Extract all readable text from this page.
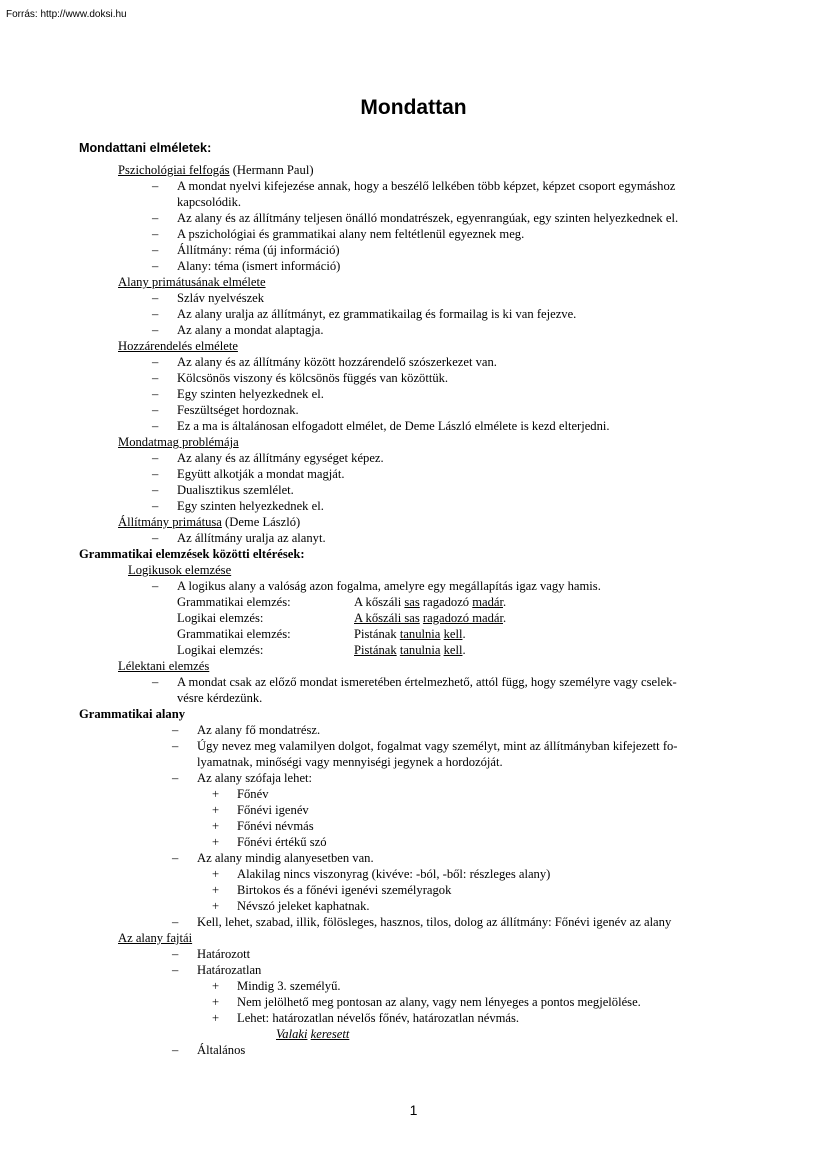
Forrás: http://www.doksi.hu
Mondattan
Mondattani elméletek:
Pszichológiai felfogás (Hermann Paul)
– A mondat nyelvi kifejezése annak, hogy a beszélő lelkében több képzet, képzet csoport egymáshoz
kapcsolódik.
– Az alany és az állítmány teljesen önálló mondatrészek, egyenrangúak, egy szinten helyezkednek el.
– A pszichológiai és grammatikai alany nem feltétlenül egyeznek meg.
– Állítmány: réma (új információ)
– Alany: téma (ismert információ)
Alany primátusának elmélete
– Szláv nyelvészek
– Az alany uralja az állítmányt, ez grammatikailag és formailag is ki van fejezve.
– Az alany a mondat alaptagja.
Hozzárendelés elmélete
– Az alany és az állítmány között hozzárendelő szószerkezet van.
– Kölcsönös viszony és kölcsönös függés van közöttük.
– Egy szinten helyezkednek el.
– Feszültséget hordoznak.
– Ez a ma is általánosan elfogadott elmélet, de Deme László elmélete is kezd elterjedni.
Mondatmag problémája
– Az alany és az állítmány egységet képez.
– Együtt alkotják a mondat magját.
– Dualisztikus szemlélet.
– Egy szinten helyezkednek el.
Állítmány primátusa (Deme László)
– Az állítmány uralja az alanyt.
Grammatikai elemzések közötti eltérések:
Logikusok elemzése
– A logikus alany a valóság azon fogalma, amelyre egy megállapítás igaz vagy hamis.
Grammatikai elemzés:	A kőszáli sas ragadozó madár.
Logikai elemzés:	A kőszáli sas ragadozó madár.
Grammatikai elemzés:	Pistának tanulnia kell.
Logikai elemzés:	Pistának tanulnia kell.
Lélektani elemzés
– A mondat csak az előző mondat ismeretében értelmezhető, attól függ, hogy személyre vagy cselek-
vésre kérdezünk.
Grammatikai alany
– Az alany fő mondatrész.
– Úgy nevez meg valamilyen dolgot, fogalmat vagy személyt, mint az állítmányban kifejezett fo-
lyamatnak, minőségi vagy mennyiségi jegynek a hordozóját.
– Az alany szófaja lehet:
+ Főnév
+ Főnévi igenév
+ Főnévi névmás
+ Főnévi értékű szó
– Az alany mindig alanyesetben van.
+ Alakilag nincs viszonyrag (kivéve: -ból, -ből: részleges alany)
+ Birtokos és a főnévi igenévi személyragok
+ Névszó jeleket kaphatnak.
– Kell, lehet, szabad, illik, fölösleges, hasznos, tilos, dolog az állítmány: Főnévi igenév az alany
Az alany fajtái
– Határozott
– Határozatlan
+ Mindig 3. személyű.
+ Nem jelölhető meg pontosan az alany, vagy nem lényeges a pontos megjelölése.
+ Lehet: határozatlan névelős főnév, határozatlan névmás.
Valaki keresett
– Általános
1
